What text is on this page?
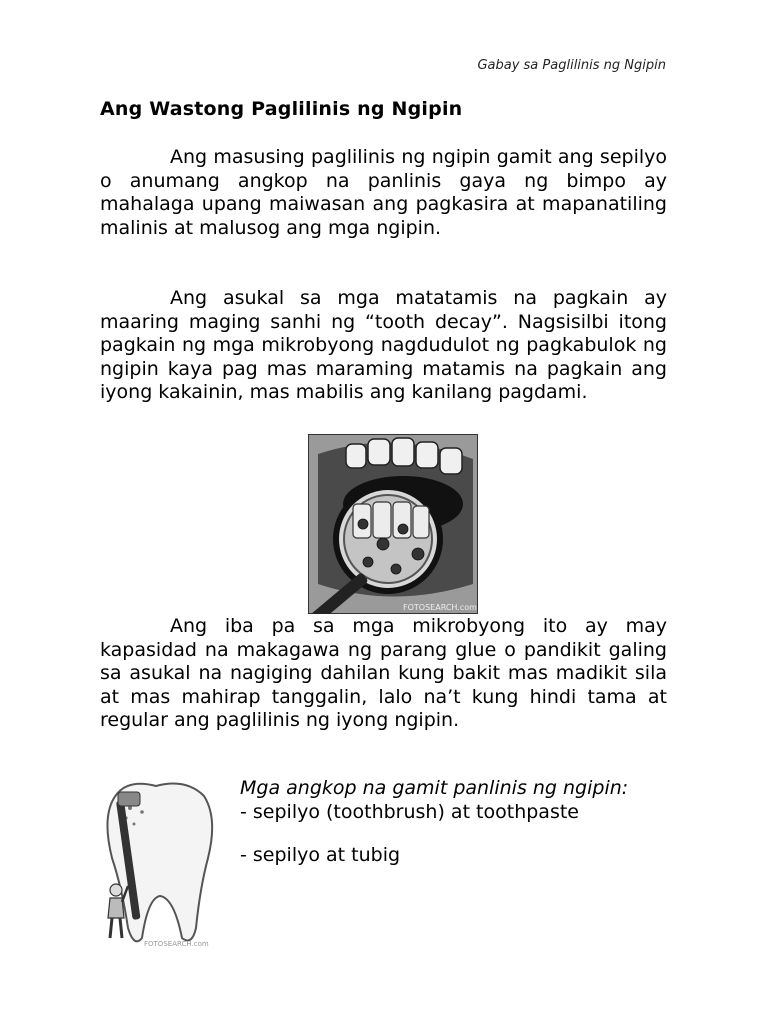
Gabay sa Paglilinis ng Ngipin
Ang Wastong Paglilinis ng Ngipin

Ang masusing paglilinis ng ngipin gamit ang sepilyo o anumang angkop na panlinis gaya ng bimpo ay mahalaga upang maiwasan ang pagkasira at mapanatiling malinis at malusog ang mga ngipin.

Ang asukal sa mga matatamis na pagkain ay maaring maging sanhi ng “tooth decay”. Nagsisilbi itong pagkain ng mga mikrobyong nagdudulot ng pagkabulok ng ngipin kaya pag mas maraming matamis na pagkain ang iyong kakainin, mas mabilis ang kanilang pagdami.

FOTOSEARCH.com

Ang iba pa sa mga mikrobyong ito ay may kapasidad na makagawa ng parang glue o pandikit galing sa asukal na nagiging dahilan kung bakit mas madikit sila at mas mahirap tanggalin, lalo na’t kung hindi tama at regular ang paglilinis ng iyong ngipin.

FOTOSEARCH.com
Mga angkop na gamit panlinis ng ngipin:
- sepilyo (toothbrush) at toothpaste
- sepilyo at tubig
